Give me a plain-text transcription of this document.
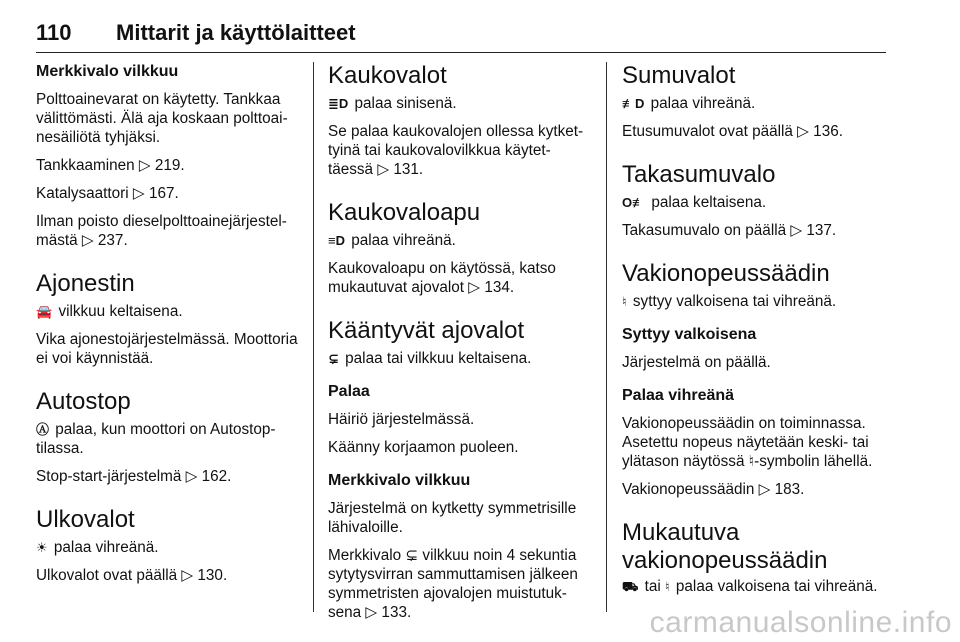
110 Mittarit ja käyttölaitteet
Merkkivalo vilkkuu

Polttoainevarat on käytetty. Tankkaa välittömästi. Älä aja koskaan polttoainesäiliötä tyhjäksi.

Tankkaaminen ▷ 219.

Katalysaattori ▷ 167.

Ilman poisto dieselpolttoainejärjestelmästä ▷ 237.

Ajonestin

🚘 vilkkuu keltaisena.

Vika ajonestojärjestelmässä. Moottoria ei voi käynnistää.

Autostop

Ⓐ palaa, kun moottori on Autostop-tilassa.

Stop-start-järjestelmä ▷ 162.

Ulkovalot

☀ palaa vihreänä.

Ulkovalot ovat päällä ▷ 130.

Kaukovalot

≣D palaa sinisenä.

Se palaa kaukovalojen ollessa kytkettyinä tai kaukovalovilkkua käytettäessä ▷ 131.

Kaukovaloapu

≡D palaa vihreänä.

Kaukovaloapu on käytössä, katso mukautuvat ajovalot ▷ 134.

Kääntyvät ajovalot

⊊ palaa tai vilkkuu keltaisena.

Palaa

Häiriö järjestelmässä.

Käänny korjaamon puoleen.

Merkkivalo vilkkuu

Järjestelmä on kytketty symmetrisille lähivaloille.

Merkkivalo ⊊ vilkkuu noin 4 sekuntia sytytysvirran sammuttamisen jälkeen symmetristen ajovalojen muistutuksena ▷ 133.

Sumuvalot

≢D palaa vihreänä.

Etusumuvalot ovat päällä ▷ 136.

Takasumuvalo

O≢ palaa keltaisena.

Takasumuvalo on päällä ▷ 137.

Vakionopeussäädin

♮ syttyy valkoisena tai vihreänä.

Syttyy valkoisena

Järjestelmä on päällä.

Palaa vihreänä

Vakionopeussäädin on toiminnassa. Asetettu nopeus näytetään keski- tai ylätason näytössä ♮-symbolin lähellä.

Vakionopeussäädin ▷ 183.

Mukautuva
vakionopeussäädin

⛟ tai ♮ palaa valkoisena tai vihreänä.

carmanualsonline.info
